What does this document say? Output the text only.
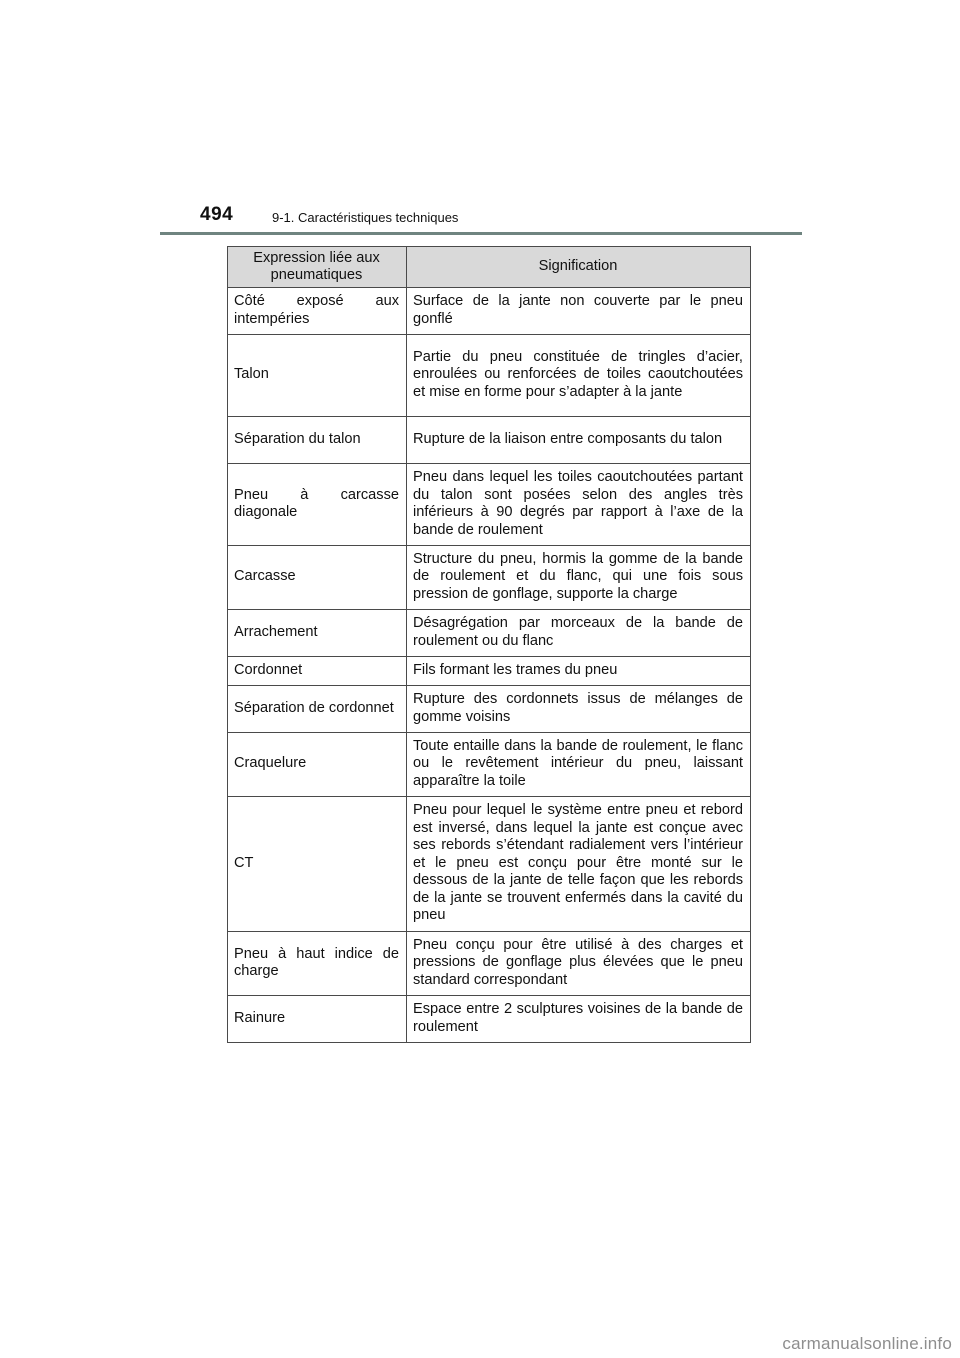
494	9-1. Caractéristiques techniques
Expression liée aux pneumatiques	Signification
Côté exposé aux intempéries	Surface de la jante non couverte par le pneu gonflé
Talon	Partie du pneu constituée de tringles d’acier, enroulées ou renforcées de toiles caoutchoutées et mise en forme pour s’adapter à la jante
Séparation du talon	Rupture de la liaison entre composants du talon
Pneu à carcasse diagonale	Pneu dans lequel les toiles caoutchoutées partant du talon sont posées selon des angles très inférieurs à 90 degrés par rapport à l’axe de la bande de roulement
Carcasse	Structure du pneu, hormis la gomme de la bande de roulement et du flanc, qui une fois sous pression de gonflage, supporte la charge
Arrachement	Désagrégation par morceaux de la bande de roulement ou du flanc
Cordonnet	Fils formant les trames du pneu
Séparation de cordonnet	Rupture des cordonnets issus de mélanges de gomme voisins
Craquelure	Toute entaille dans la bande de roulement, le flanc ou le revêtement intérieur du pneu, laissant apparaître la toile
CT	Pneu pour lequel le système entre pneu et rebord est inversé, dans lequel la jante est conçue avec ses rebords s’étendant radialement vers l’intérieur et le pneu est conçu pour être monté sur le dessous de la jante de telle façon que les rebords de la jante se trouvent enfermés dans la cavité du pneu
Pneu à haut indice de charge	Pneu conçu pour être utilisé à des charges et pressions de gonflage plus élevées que le pneu standard correspondant
Rainure	Espace entre 2 sculptures voisines de la bande de roulement
carmanualsonline.info
